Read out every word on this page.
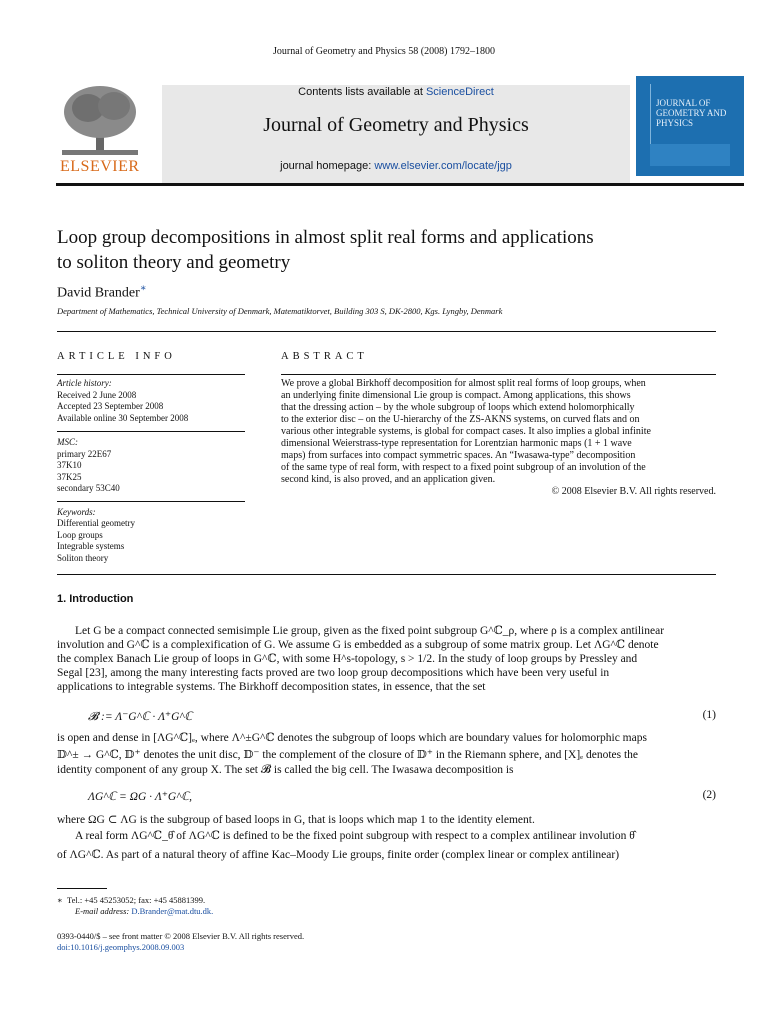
Journal of Geometry and Physics 58 (2008) 1792–1800
ELSEVIER
Contents lists available at ScienceDirect
Journal of Geometry and Physics
journal homepage: www.elsevier.com/locate/jgp
JOURNAL OF GEOMETRY AND PHYSICS
Loop group decompositions in almost split real forms and applications
to soliton theory and geometry
David Brander∗
Department of Mathematics, Technical University of Denmark, Matematiktorvet, Building 303 S, DK-2800, Kgs. Lyngby, Denmark
ARTICLE INFO
Article history:
Received 2 June 2008
Accepted 23 September 2008
Available online 30 September 2008
MSC:
primary 22E67
37K10
37K25
secondary 53C40
Keywords:
Differential geometry
Loop groups
Integrable systems
Soliton theory
ABSTRACT
We prove a global Birkhoff decomposition for almost split real forms of loop groups, when
an underlying finite dimensional Lie group is compact. Among applications, this shows
that the dressing action – by the whole subgroup of loops which extend holomorphically
to the exterior disc – on the U-hierarchy of the ZS-AKNS systems, on curved flats and on
various other integrable systems, is global for compact cases. It also implies a global infinite
dimensional Weierstrass-type representation for Lorentzian harmonic maps (1 + 1 wave
maps) from surfaces into compact symmetric spaces. An “Iwasawa-type” decomposition
of the same type of real form, with respect to a fixed point subgroup of an involution of the
second kind, is also proved, and an application given.
© 2008 Elsevier B.V. All rights reserved.
1. Introduction
Let G be a compact connected semisimple Lie group, given as the fixed point subgroup G^ℂ_ρ, where ρ is a complex antilinear
involution and G^ℂ is a complexification of G. We assume G is embedded as a subgroup of some matrix group. Let ΛG^ℂ denote
the complex Banach Lie group of loops in G^ℂ, with some H^s-topology, s > 1/2. In the study of loop groups by Pressley and
Segal [23], among the many interesting facts proved are two loop group decompositions which have been very useful in
applications to integrable systems. The Birkhoff decomposition states, in essence, that the set
𝓑 := Λ⁻G^ℂ · Λ⁺G^ℂ	(1)
is open and dense in [ΛG^ℂ]ₑ, where Λ^±G^ℂ denotes the subgroup of loops which are boundary values for holomorphic maps
𝔻^± → G^ℂ, 𝔻⁺ denotes the unit disc, 𝔻⁻ the complement of the closure of 𝔻⁺ in the Riemann sphere, and [X]ₑ denotes the
identity component of any group X. The set 𝓑 is called the big cell. The Iwasawa decomposition is
ΛG^ℂ = ΩG · Λ⁺G^ℂ,	(2)
where ΩG ⊂ ΛG is the subgroup of based loops in G, that is loops which map 1 to the identity element.
A real form ΛG^ℂ_θ̂ of ΛG^ℂ is defined to be the fixed point subgroup with respect to a complex antilinear involution θ̂
of ΛG^ℂ. As part of a natural theory of affine Kac–Moody Lie groups, finite order (complex linear or complex antilinear)
∗ Tel.: +45 45253052; fax: +45 45881399.
E-mail address: D.Brander@mat.dtu.dk.
0393-0440/$ – see front matter © 2008 Elsevier B.V. All rights reserved.
doi:10.1016/j.geomphys.2008.09.003
